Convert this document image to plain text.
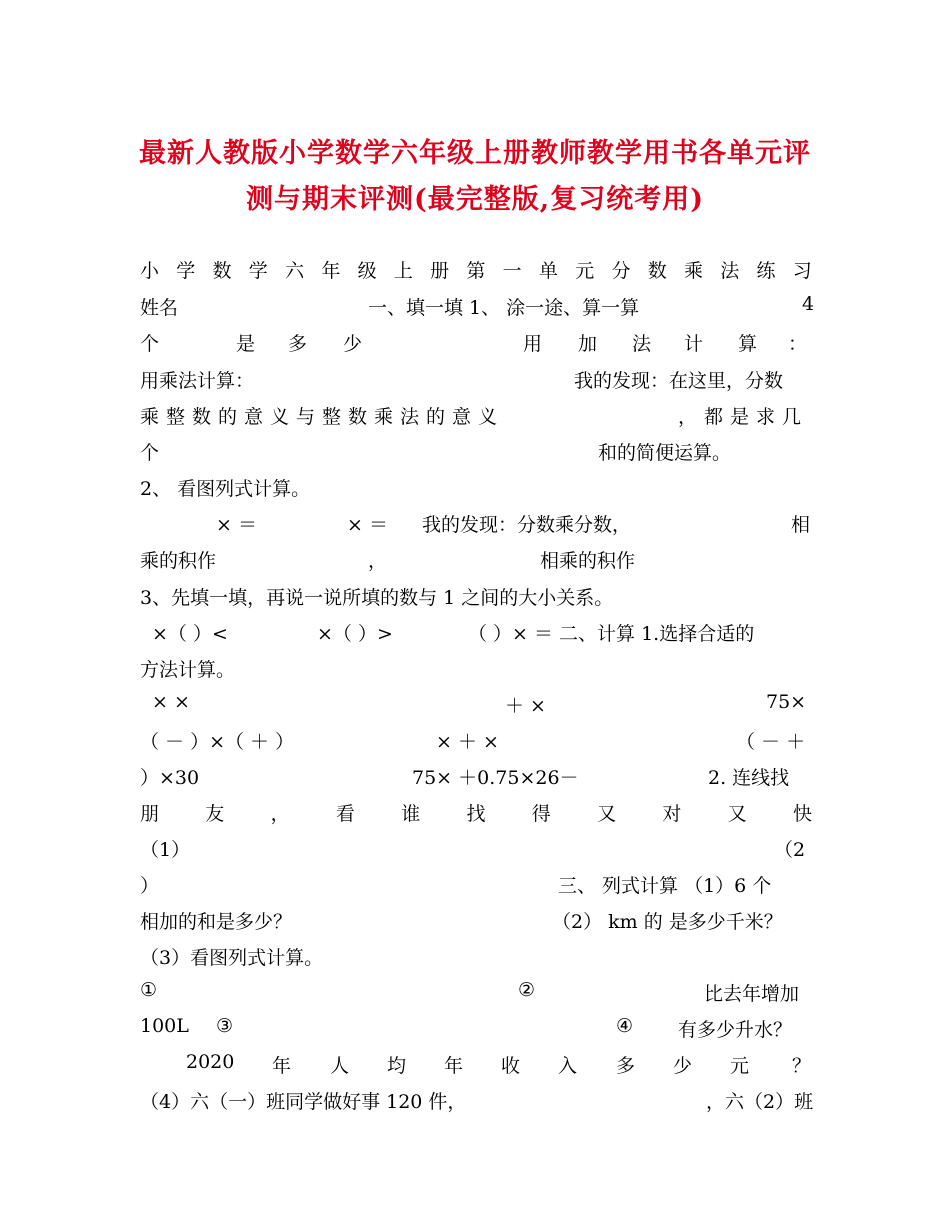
最新人教版小学数学六年级上册教师教学用书各单元评
测与期末评测(最完整版,复习统考用)
小 学 数 学 六 年 级 上 册 第 一 单 元 分 数 乘 法 练 习
姓名	一、填一填 1、 涂一途、算一算	4
个	是 多 少	用 加 法 计 算 ：
用乘法计算：	我的发现：在这里，分数
乘整数的意义与整数乘法的意义	，都是求几
个	和的简便运算。
2、 看图列式计算。
× ＝	× ＝ 我的发现：分数乘分数，	相
乘的积作	，	相乘的积作
3、先填一填，再说一说所填的数与 1 之间的大小关系。
×（ ）<	×（ ）>	（ ）× ＝ 二、计算 1.选择合适的
方法计算。
× ×	＋ ×	75×
（ － ）×（ ＋ ）	× ＋ ×	（ － ＋
）×30	75× ＋0.75×26－	2. 连线找
朋 友 ， 看 谁 找 得 又 对 又 快
（1）	（2
）	三、 列式计算 （1）6 个
相加的和是多少？	（2） km 的 是多少千米？
（3）看图列式计算。
①	②	比去年增加
100L ③	④ 有多少升水？
2020 年 人 均 年 收 入 多 少 元 ？
（4）六（一）班同学做好事 120 件，	，六（2）班
